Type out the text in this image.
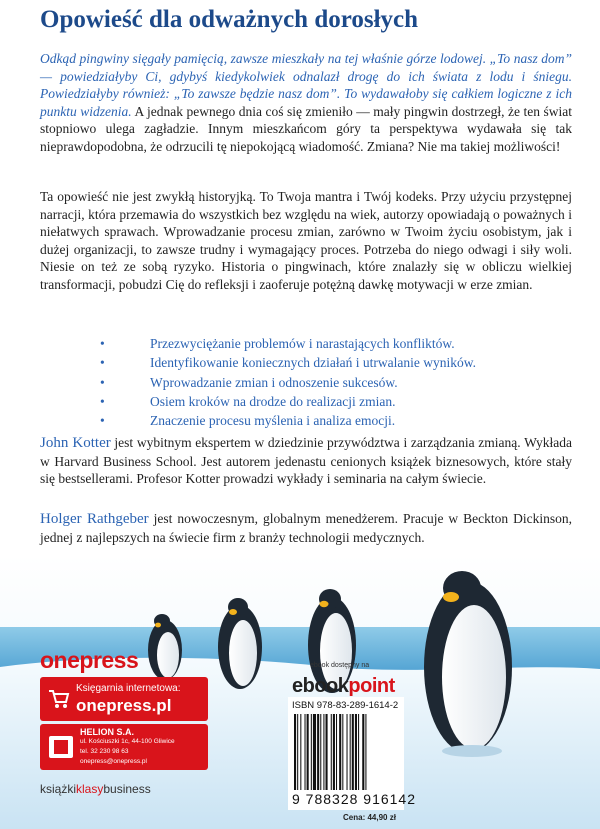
Opowieść dla odważnych dorosłych

Odkąd pingwiny sięgały pamięcią, zawsze mieszkały na tej właśnie górze lodowej. „To nasz dom” — powiedziałyby Ci, gdybyś kiedykolwiek odnalazł drogę do ich świata z lodu i śniegu. Powiedziałyby również: „To zawsze będzie nasz dom”. To wydawałoby się całkiem logiczne z ich punktu widzenia. A jednak pewnego dnia coś się zmieniło — mały pingwin dostrzegł, że ten świat stopniowo ulega zagładzie. Innym mieszkańcom góry ta perspektywa wydawała się tak nieprawdopodobna, że odrzucili tę niepokojącą wiadomość. Zmiana? Nie ma takiej możliwości!

Ta opowieść nie jest zwykłą historyjką. To Twoja mantra i Twój kodeks. Przy użyciu przystępnej narracji, która przemawia do wszystkich bez względu na wiek, autorzy opowiadają o poważnych i niełatwych sprawach. Wprowadzanie procesu zmian, zarówno w Twoim życiu osobistym, jak i dużej organizacji, to zawsze trudny i wymagający proces. Potrzeba do niego odwagi i siły woli. Niesie on też ze sobą ryzyko. Historia o pingwinach, które znalazły się w obliczu wielkiej transformacji, pobudzi Cię do refleksji i zaoferuje potężną dawkę motywacji w erze zmian.

• Przezwyciężanie problemów i narastających konfliktów.
• Identyfikowanie koniecznych działań i utrwalanie wyników.
• Wprowadzanie zmian i odnoszenie sukcesów.
• Osiem kroków na drodze do realizacji zmian.
• Znaczenie procesu myślenia i analiza emocji.

John Kotter jest wybitnym ekspertem w dziedzinie przywództwa i zarządzania zmianą. Wykłada w Harvard Business School. Jest autorem jedenastu cenionych książek biznesowych, które stały się bestsellerami. Profesor Kotter prowadzi wykłady i seminaria na całym świecie.

Holger Rathgeber jest nowoczesnym, globalnym menedżerem. Pracuje w Beckton Dickinson, jednej z najlepszych na świecie firm z branży technologii medycznych.

onepress
Księgarnia internetowa:
onepress.pl
HELION S.A.
ul. Kościuszki 1c, 44-100 Gliwice
tel. 32 230 98 63
onepress@onepress.pl
książkiklasybusiness
ebook dostępny na
ebookpoint
ISBN 978-83-289-1614-2
9 788328 916142
Cena: 44,90 zł
